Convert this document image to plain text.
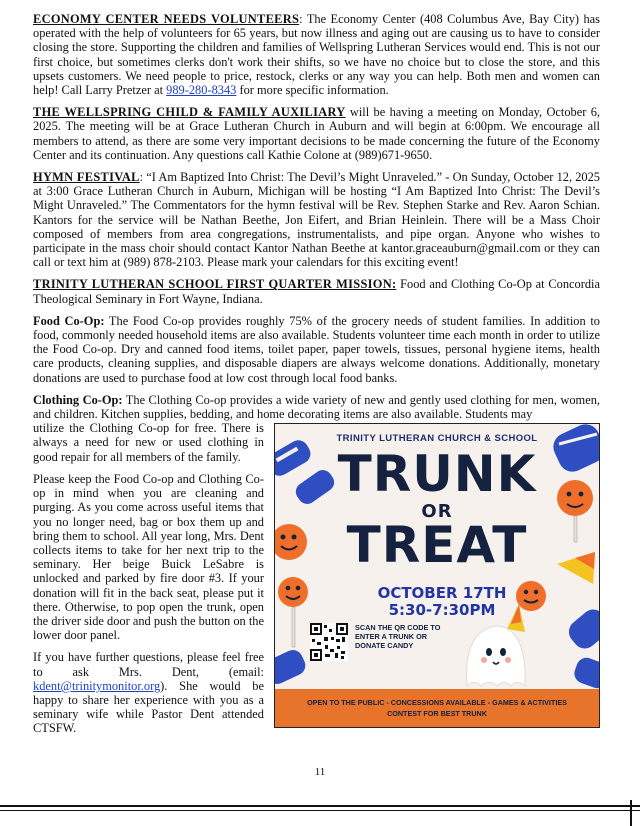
ECONOMY CENTER NEEDS VOLUNTEERS: The Economy Center (408 Columbus Ave, Bay City) has operated with the help of volunteers for 65 years, but now illness and aging out are causing us to have to consider closing the store. Supporting the children and families of Wellspring Lutheran Services would end. This is not our first choice, but sometimes clerks don't work their shifts, so we have no choice but to close the store, and this upsets customers. We need people to price, restock, clerks or any way you can help. Both men and women can help! Call Larry Pretzer at 989-280-8343 for more specific information.

THE WELLSPRING CHILD & FAMILY AUXILIARY will be having a meeting on Monday, October 6, 2025. The meeting will be at Grace Lutheran Church in Auburn and will begin at 6:00pm. We encourage all members to attend, as there are some very important decisions to be made concerning the future of the Economy Center and its continuation. Any questions call Kathie Colone at (989)671-9650.

HYMN FESTIVAL: “I Am Baptized Into Christ: The Devil’s Might Unraveled.” - On Sunday, October 12, 2025 at 3:00 Grace Lutheran Church in Auburn, Michigan will be hosting “I Am Baptized Into Christ: The Devil’s Might Unraveled.” The Commentators for the hymn festival will be Rev. Stephen Starke and Rev. Aaron Schian. Kantors for the service will be Nathan Beethe, Jon Eifert, and Brian Heinlein. There will be a Mass Choir composed of members from area congregations, instrumentalists, and pipe organ. Anyone who wishes to participate in the mass choir should contact Kantor Nathan Beethe at kantor.graceauburn@gmail.com or they can call or text him at (989) 878-2103. Please mark your calendars for this exciting event!

TRINITY LUTHERAN SCHOOL FIRST QUARTER MISSION: Food and Clothing Co-Op at Concordia Theological Seminary in Fort Wayne, Indiana.

Food Co-Op: The Food Co-op provides roughly 75% of the grocery needs of student families. In addition to food, commonly needed household items are also available. Students volunteer time each month in order to utilize the Food Co-op. Dry and canned food items, toilet paper, paper towels, tissues, personal hygiene items, health care products, cleaning supplies, and disposable diapers are always welcome donations. Additionally, monetary donations are used to purchase food at low cost through local food banks.

Clothing Co-Op: The Clothing Co-op provides a wide variety of new and gently used clothing for men, women, and children. Kitchen supplies, bedding, and home decorating items are also available. Students may

TRINITY LUTHERAN CHURCH & SCHOOL
TRUNK
OR
TREAT
OCTOBER 17TH
5:30-7:30PM
SCAN THE QR CODE TO ENTER A TRUNK OR DONATE CANDY
OPEN TO THE PUBLIC - CONCESSIONS AVAILABLE - GAMES & ACTIVITIES
CONTEST FOR BEST TRUNK

utilize the Clothing Co-op for free. There is always a need for new or used clothing in good repair for all members of the family.

Please keep the Food Co-op and Clothing Co-op in mind when you are cleaning and purging. As you come across useful items that you no longer need, bag or box them up and bring them to school. All year long, Mrs. Dent collects items to take for her next trip to the seminary. Her beige Buick LeSabre is unlocked and parked by fire door #3. If your donation will fit in the back seat, please put it there. Otherwise, to pop open the trunk, open the driver side door and push the button on the lower door panel.

If you have further questions, please feel free to ask Mrs. Dent, (email: kdent@trinitymonitor.org). She would be happy to share her experience with you as a seminary wife while Pastor Dent attended CTSFW.

11
